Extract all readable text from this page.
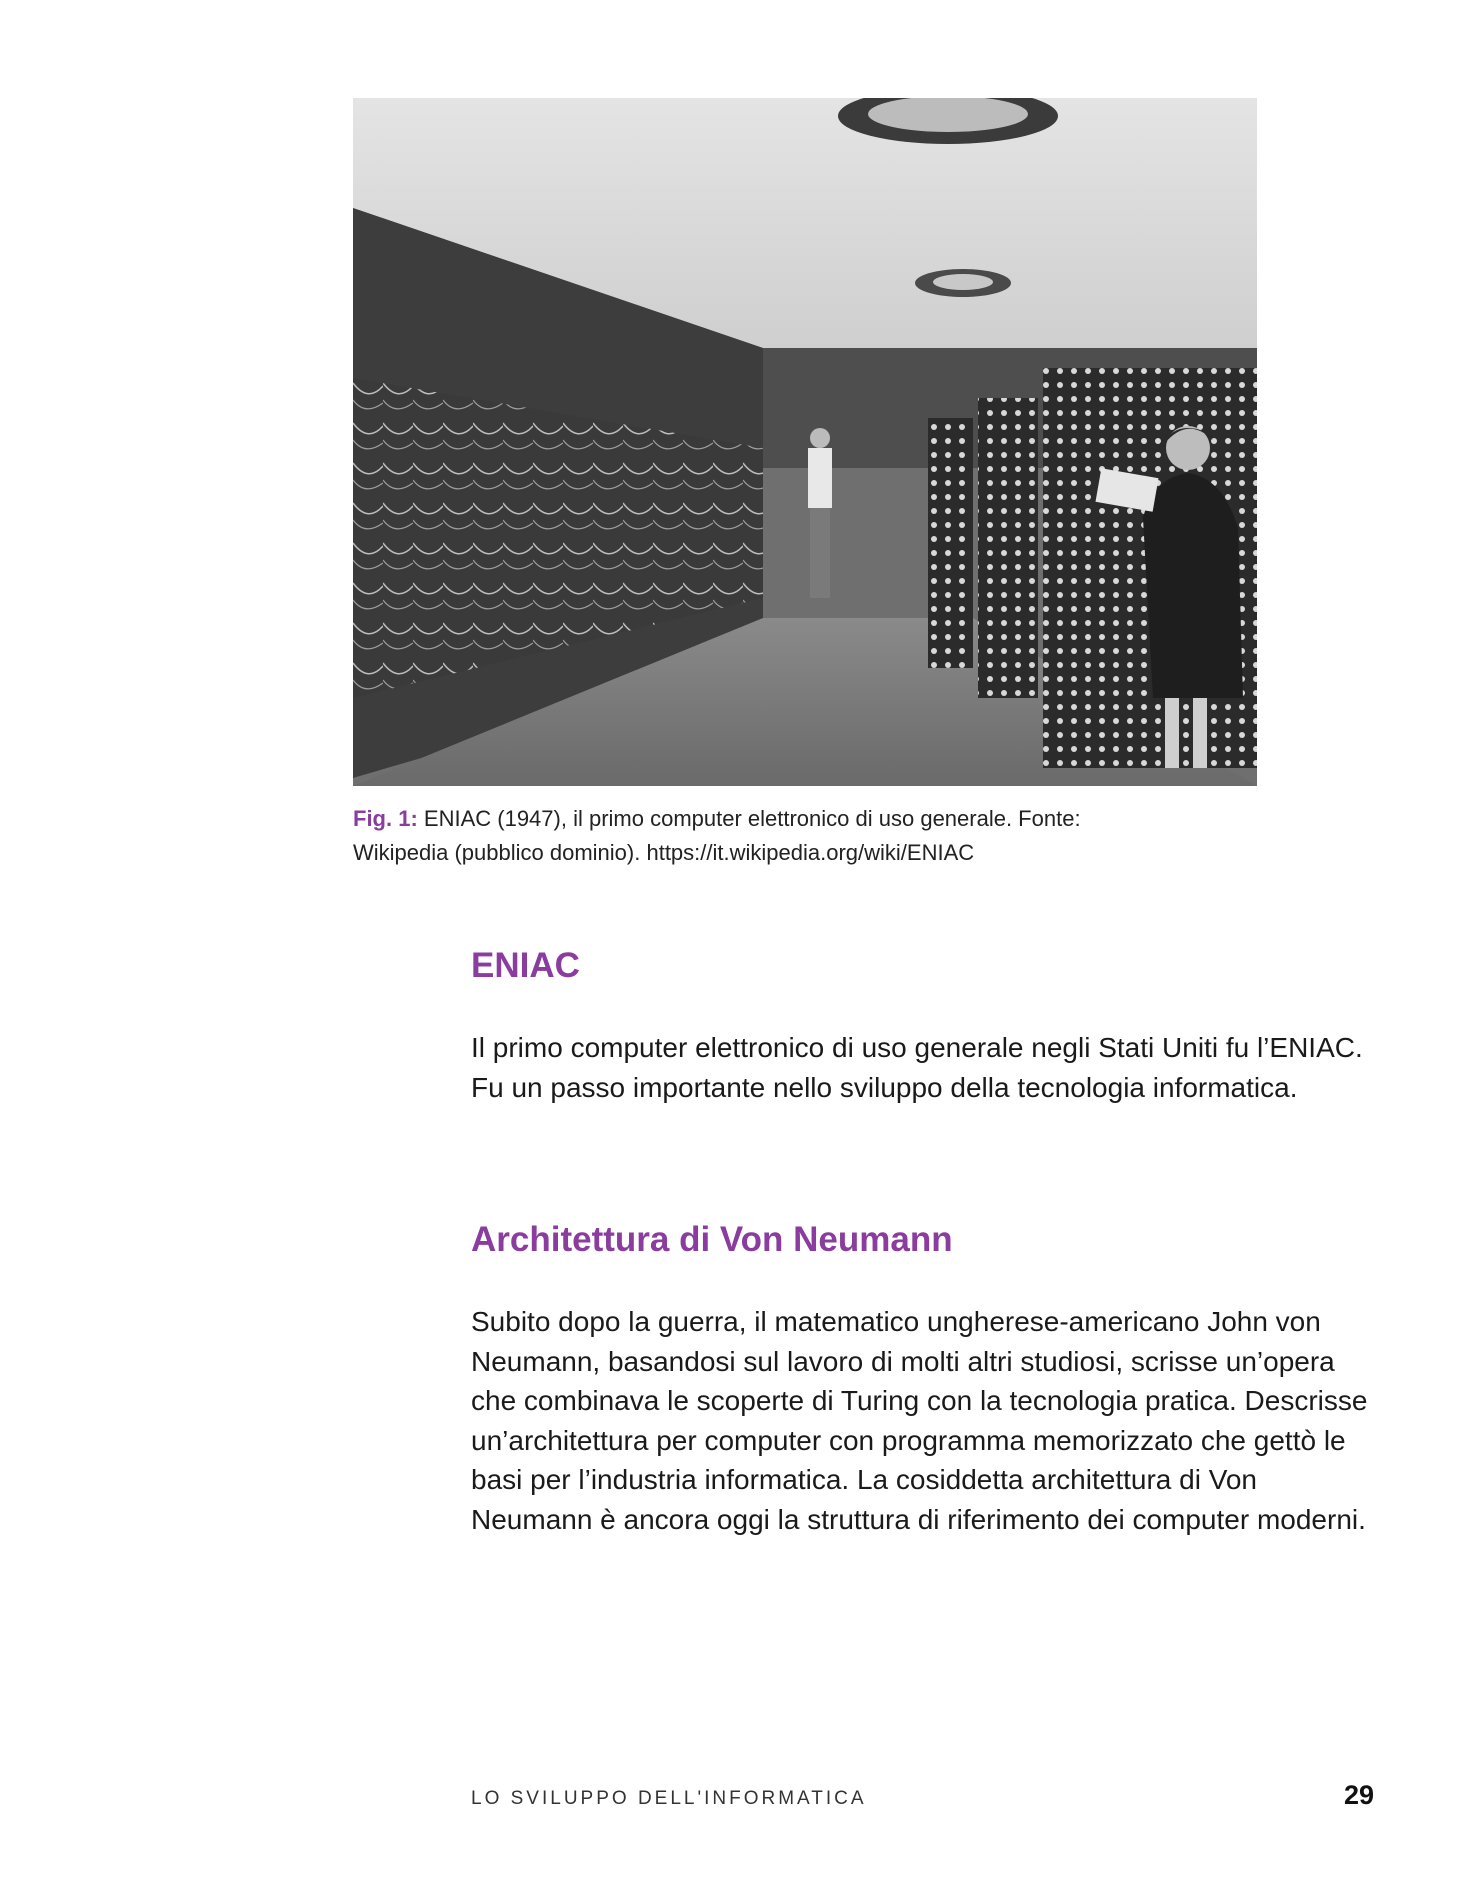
Fig. 1: ENIAC (1947), il primo computer elettronico di uso generale. Fonte:
Wikipedia (pubblico dominio). https://it.wikipedia.org/wiki/ENIAC
ENIAC

Il primo computer elettronico di uso generale negli Stati Uniti fu l’ENIAC. Fu un passo importante nello sviluppo della tecnologia informatica.

Architettura di Von Neumann

Subito dopo la guerra, il matematico ungherese-americano John von Neumann, basandosi sul lavoro di molti altri studiosi, scrisse un’opera che combinava le scoperte di Turing con la tecnologia pratica. Descrisse un’architettura per computer con programma memorizzato che gettò le basi per l’industria informatica. La cosiddetta architettura di Von Neumann è ancora oggi la struttura di riferimento dei computer moderni.

LO SVILUPPO DELL'INFORMATICA	29
